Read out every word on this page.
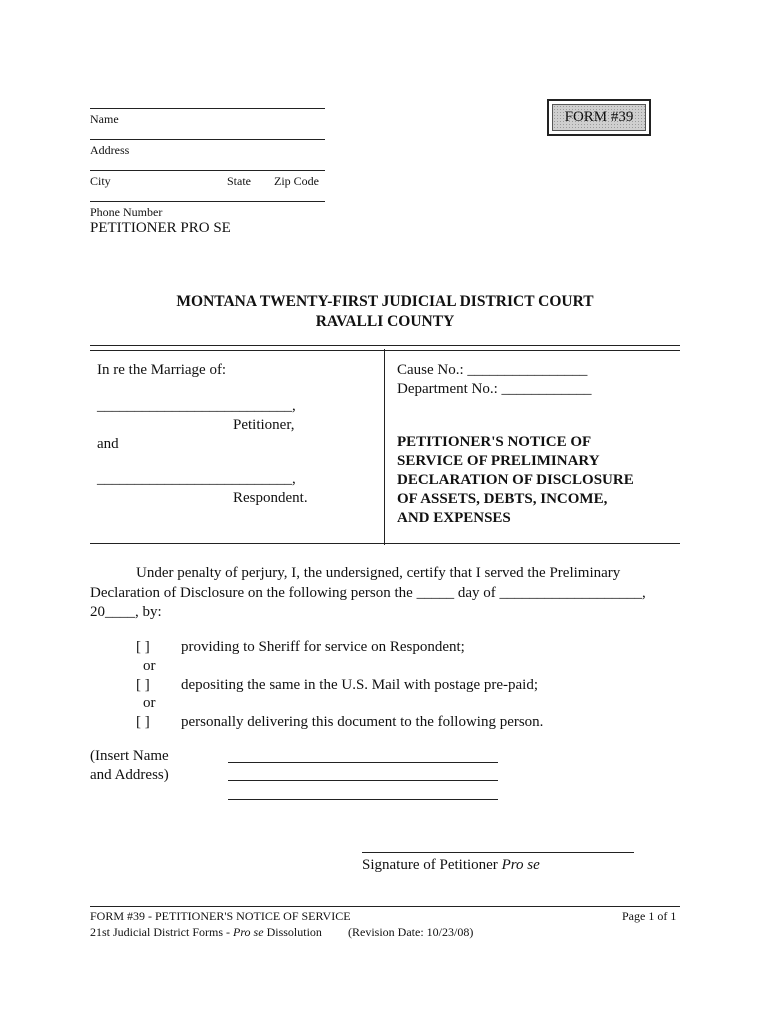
Name
Address
City	State Zip Code
Phone Number
PETITIONER PRO SE
FORM #39
MONTANA TWENTY-FIRST JUDICIAL DISTRICT COURT
RAVALLI COUNTY
In re the Marriage of:
__________________________,
Petitioner,
and
__________________________,
Respondent.
Cause No.: ________________
Department No.: ____________
PETITIONER'S NOTICE OF
SERVICE OF PRELIMINARY
DECLARATION OF DISCLOSURE
OF ASSETS, DEBTS, INCOME,
AND EXPENSES
Under penalty of perjury, I, the undersigned, certify that I served the Preliminary
Declaration of Disclosure on the following person the _____ day of ___________________,
20____, by:
[ ] providing to Sheriff for service on Respondent;
or
[ ] depositing the same in the U.S. Mail with postage pre-paid;
or
[ ] personally delivering this document to the following person.
(Insert Name
and Address)
Signature of Petitioner Pro se
FORM #39 - PETITIONER'S NOTICE OF SERVICE	Page 1 of 1
21st Judicial District Forms - Pro se Dissolution (Revision Date: 10/23/08)
